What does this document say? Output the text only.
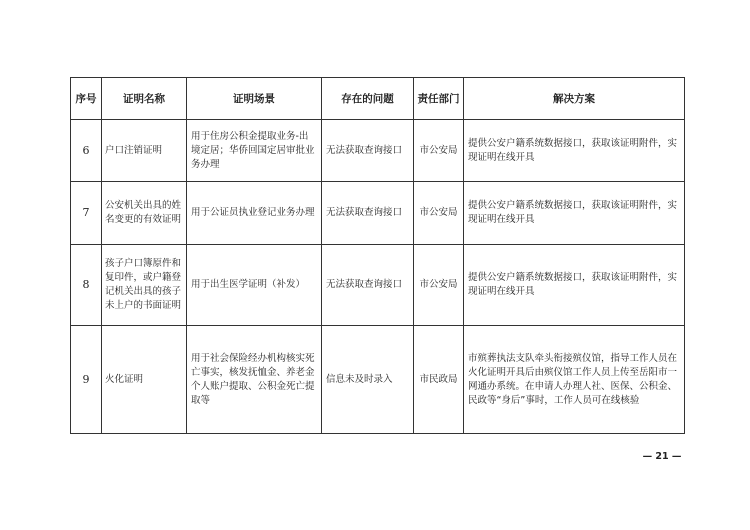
序号	证明名称	证明场景	存在的问题	责任部门	解决方案
6	户口注销证明	用于住房公积金提取业务-出境定居；华侨回国定居审批业务办理	无法获取查询接口	市公安局	提供公安户籍系统数据接口，获取该证明附件，实现证明在线开具
7	公安机关出具的姓名变更的有效证明	用于公证员执业登记业务办理	无法获取查询接口	市公安局	提供公安户籍系统数据接口，获取该证明附件，实现证明在线开具
8	孩子户口簿原件和复印件，或户籍登记机关出具的孩子未上户的书面证明	用于出生医学证明（补发）	无法获取查询接口	市公安局	提供公安户籍系统数据接口，获取该证明附件，实现证明在线开具
9	火化证明	用于社会保险经办机构核实死亡事实，核发抚恤金、养老金个人账户提取、公积金死亡提取等	信息未及时录入	市民政局	市殡葬执法支队牵头衔接殡仪馆，指导工作人员在火化证明开具后由殡仪馆工作人员上传至岳阳市一网通办系统。在申请人办理人社、医保、公积金、民政等“身后”事时，工作人员可在线核验
— 21 —
